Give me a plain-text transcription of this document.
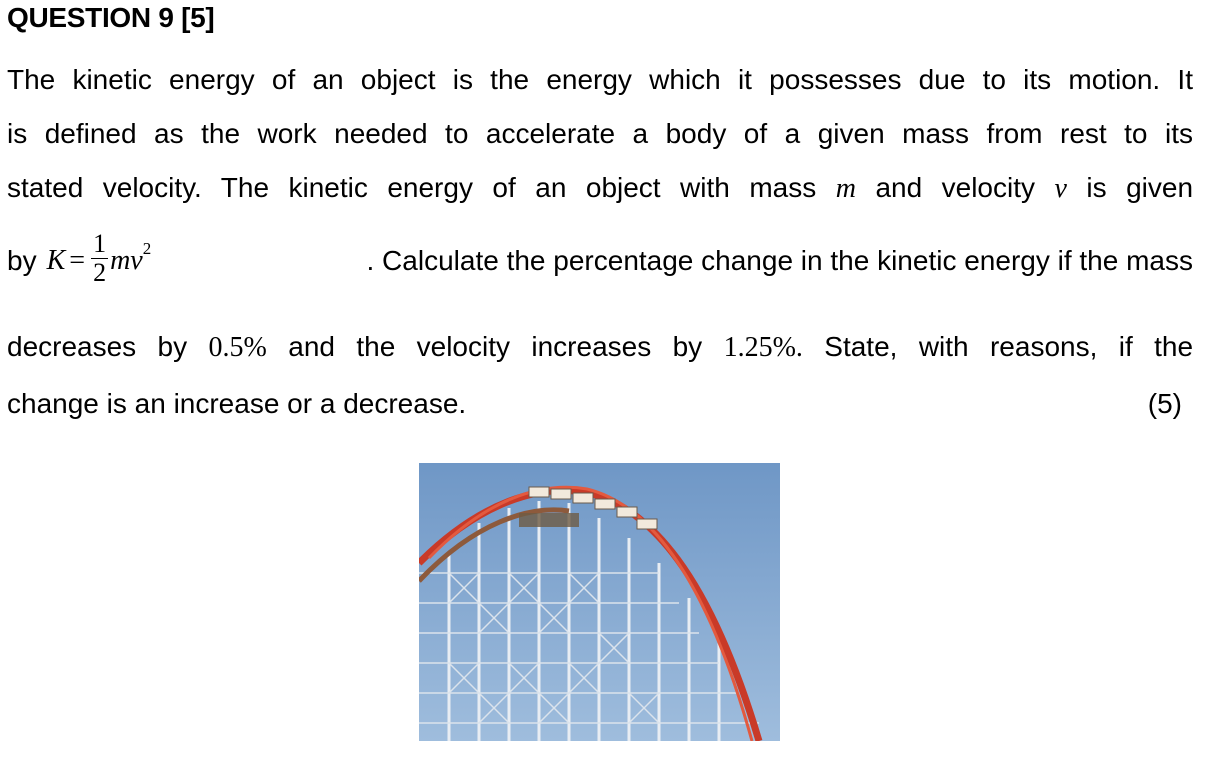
QUESTION 9 [5]
The kinetic energy of an object is the energy which it possesses due to its motion. It
is defined as the work needed to accelerate a body of a given mass from rest to its
stated velocity. The kinetic energy of an object with mass m and velocity v is given
by $K = \frac{1}{2}$ mv 2	. Calculate the percentage change in the kinetic energy if the mass
decreases by 0.5% and the velocity increases by 1.25%. State, with reasons, if the
change is an increase or a decrease.	(5)
